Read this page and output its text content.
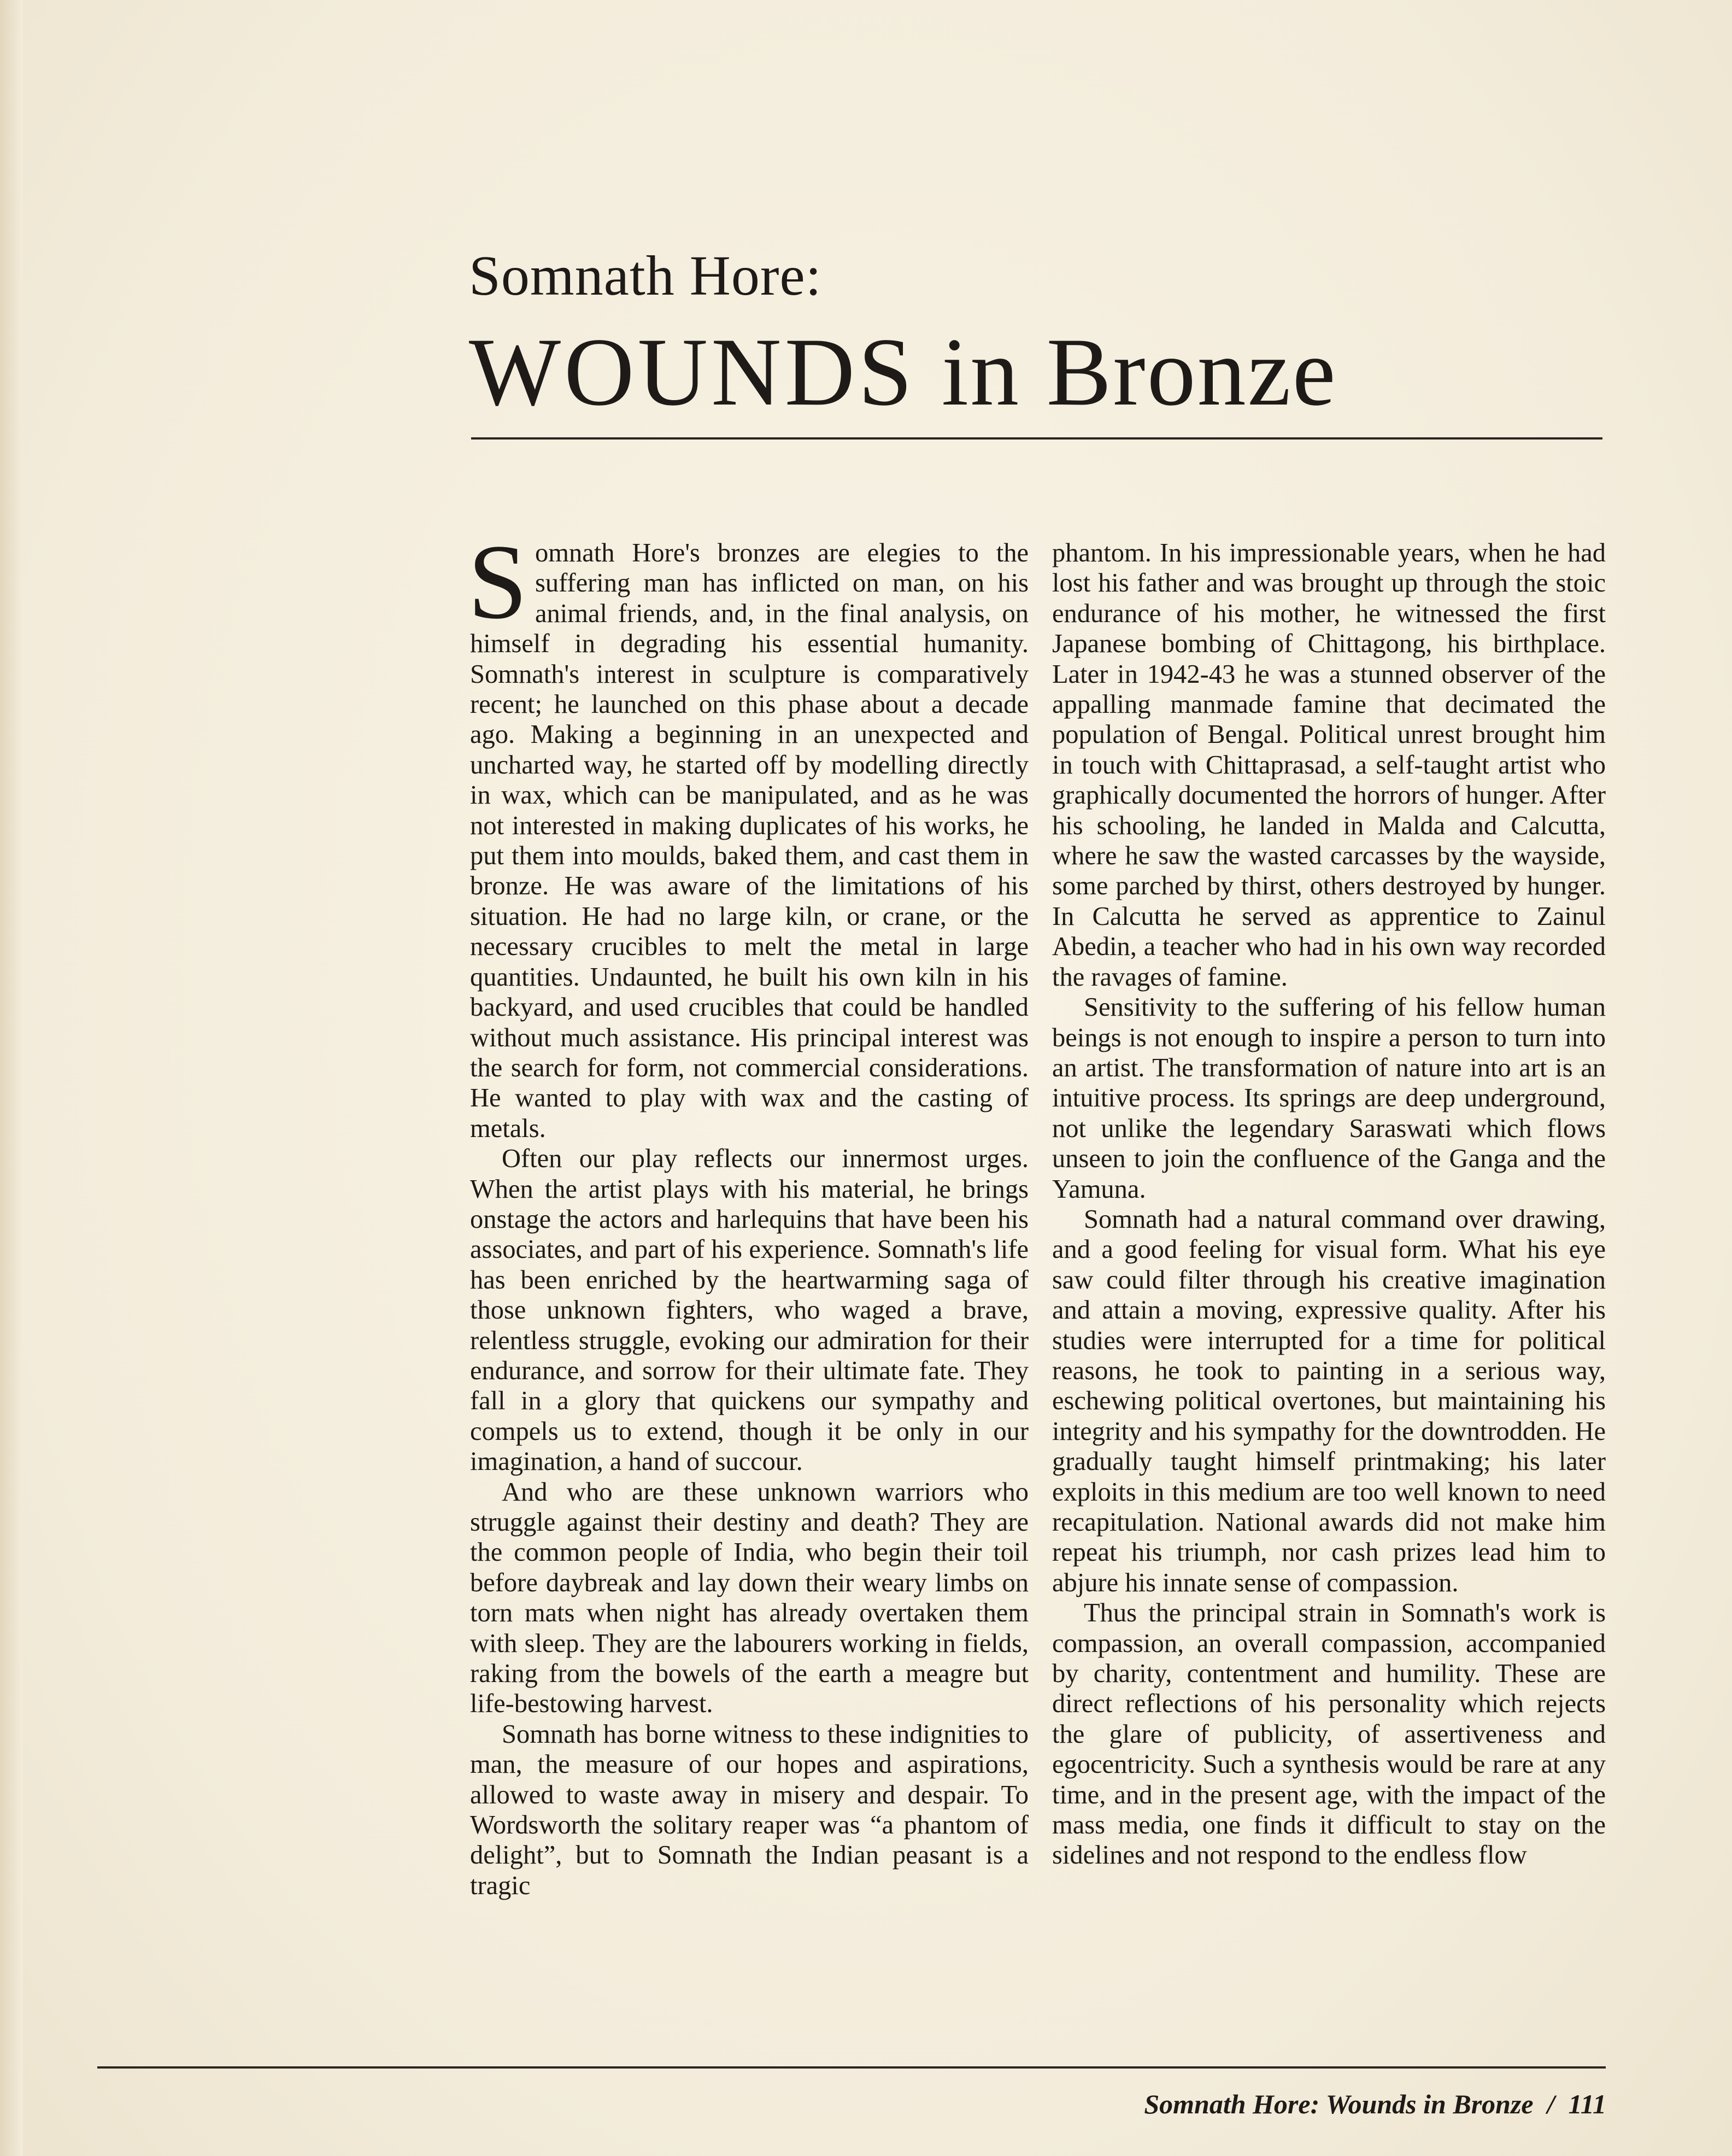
Somnath Hore:
WOUNDS in Bronze

Somnath Hore's bronzes are elegies to the suffering man has inflicted on man, on his animal friends, and, in the final analysis, on himself in degrading his essential humanity. Somnath's interest in sculpture is comparatively recent; he launched on this phase about a decade ago. Making a beginning in an unexpected and uncharted way, he started off by modelling directly in wax, which can be manipulated, and as he was not interested in making duplicates of his works, he put them into moulds, baked them, and cast them in bronze. He was aware of the limitations of his situation. He had no large kiln, or crane, or the necessary crucibles to melt the metal in large quantities. Undaunted, he built his own kiln in his backyard, and used crucibles that could be handled without much assistance. His principal interest was the search for form, not commercial considerations. He wanted to play with wax and the casting of metals.

Often our play reflects our innermost urges. When the artist plays with his material, he brings onstage the actors and harlequins that have been his associates, and part of his experience. Somnath's life has been enriched by the heartwarming saga of those unknown fighters, who waged a brave, relentless struggle, evoking our admiration for their endurance, and sorrow for their ultimate fate. They fall in a glory that quickens our sympathy and compels us to extend, though it be only in our imagination, a hand of succour.

And who are these unknown warriors who struggle against their destiny and death? They are the common people of India, who begin their toil before daybreak and lay down their weary limbs on torn mats when night has already overtaken them with sleep. They are the labourers working in fields, raking from the bowels of the earth a meagre but life-bestowing harvest.

Somnath has borne witness to these indignities to man, the measure of our hopes and aspirations, allowed to waste away in misery and despair. To Wordsworth the solitary reaper was “a phantom of delight”, but to Somnath the Indian peasant is a tragic

phantom. In his impressionable years, when he had lost his father and was brought up through the stoic endurance of his mother, he witnessed the first Japanese bombing of Chittagong, his birthplace. Later in 1942-43 he was a stunned observer of the appalling manmade famine that decimated the population of Bengal. Political unrest brought him in touch with Chittaprasad, a self-taught artist who graphically documented the horrors of hunger. After his schooling, he landed in Malda and Calcutta, where he saw the wasted carcasses by the wayside, some parched by thirst, others destroyed by hunger. In Calcutta he served as apprentice to Zainul Abedin, a teacher who had in his own way recorded the ravages of famine.

Sensitivity to the suffering of his fellow human beings is not enough to inspire a person to turn into an artist. The transformation of nature into art is an intuitive process. Its springs are deep underground, not unlike the legendary Saraswati which flows unseen to join the confluence of the Ganga and the Yamuna.

Somnath had a natural command over drawing, and a good feeling for visual form. What his eye saw could filter through his creative imagination and attain a moving, expressive quality. After his studies were interrupted for a time for political reasons, he took to painting in a serious way, eschewing political overtones, but maintaining his integrity and his sympathy for the downtrodden. He gradually taught himself printmaking; his later exploits in this medium are too well known to need recapitulation. National awards did not make him repeat his triumph, nor cash prizes lead him to abjure his innate sense of compassion.

Thus the principal strain in Somnath's work is compassion, an overall compassion, accompanied by charity, contentment and humility. These are direct reflections of his personality which rejects the glare of publicity, of assertiveness and egocentricity. Such a synthesis would be rare at any time, and in the present age, with the impact of the mass media, one finds it difficult to stay on the sidelines and not respond to the endless flow

Somnath Hore: Wounds in Bronze / 111
